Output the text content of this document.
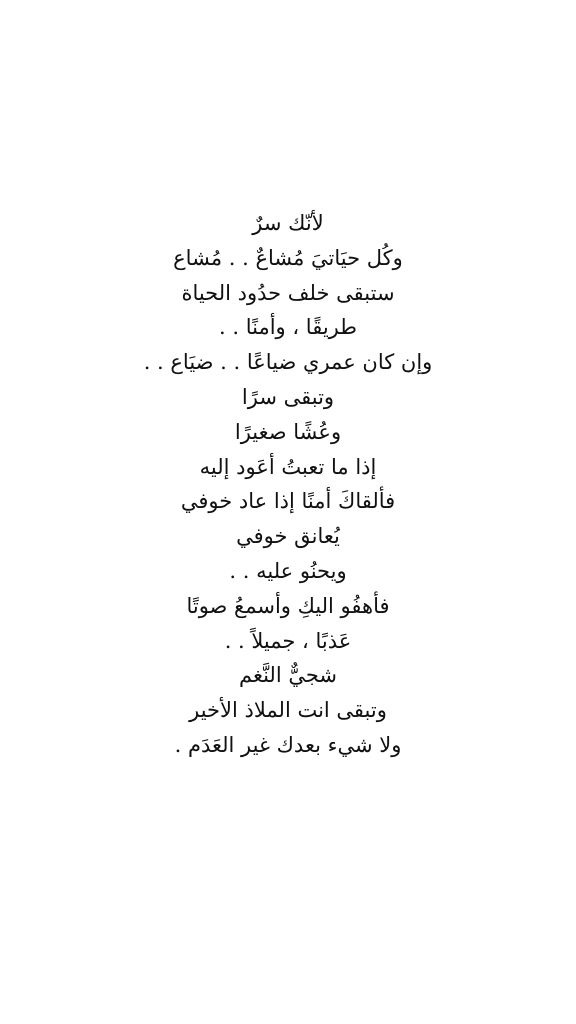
لأنّك سرٌ
وكُل حيَاتيَ مُشاعٌ . . مُشاع
ستبقى خلف حدُود الحياة
طريقًا ، وأمنًا . .
وإن كان عمري ضياعًا . . ضيَاع . .
وتبقى سرًا
وعُشًا صغيرًا
إذا ما تعبتُ أعَود إليه
فألقاكَ أمنًا إذا عاد خوفي
يُعانق خوفي
ويحنُو عليه . .
فأهفُو اليكِ وأسمعُ صوتًا
عَذبًا ، جميلاً . .
شجيٌّ النَّغم
وتبقى انت الملاذ الأخير
ولا شيء بعدك غير العَدَم .
